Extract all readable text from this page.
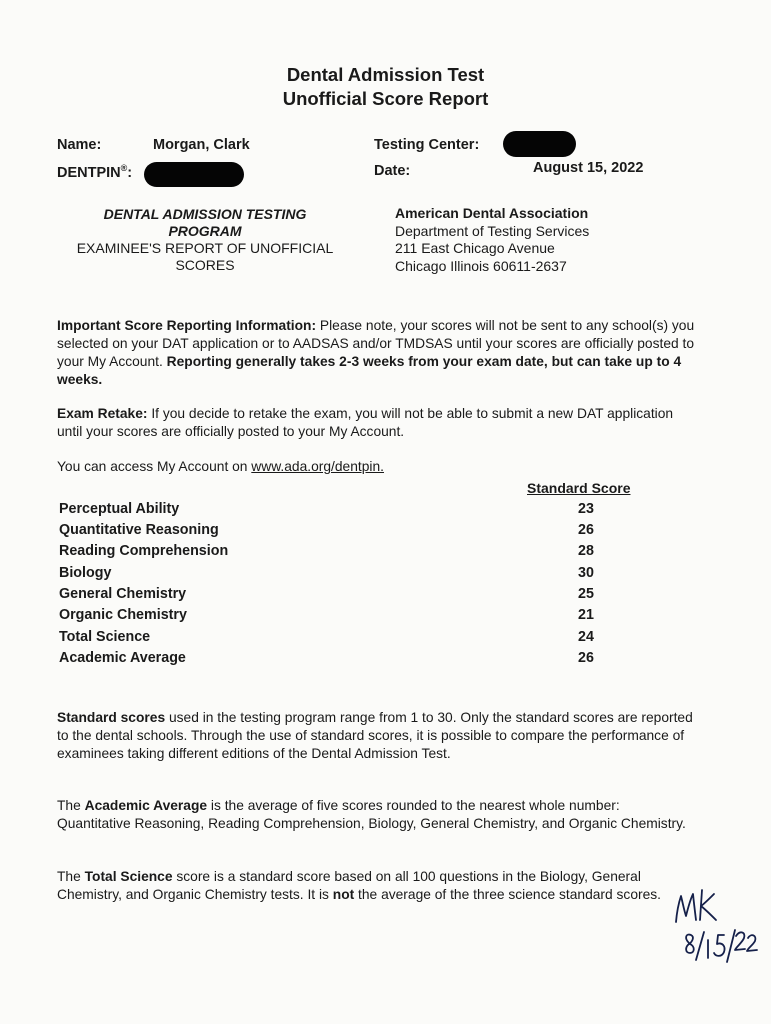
Dental Admission Test
Unofficial Score Report
Name:	Morgan, Clark
DENTPIN®:
Testing Center:
Date:	August 15, 2022
DENTAL ADMISSION TESTING
PROGRAM
EXAMINEE'S REPORT OF UNOFFICIAL
SCORES
American Dental Association
Department of Testing Services
211 East Chicago Avenue
Chicago Illinois 60611-2637
Important Score Reporting Information: Please note, your scores will not be sent to any school(s) you selected on your DAT application or to AADSAS and/or TMDSAS until your scores are officially posted to your My Account. Reporting generally takes 2-3 weeks from your exam date, but can take up to 4 weeks.
Exam Retake: If you decide to retake the exam, you will not be able to submit a new DAT application until your scores are officially posted to your My Account.
You can access My Account on www.ada.org/dentpin.
Standard Score
Perceptual Ability	23
Quantitative Reasoning	26
Reading Comprehension	28
Biology	30
General Chemistry	25
Organic Chemistry	21
Total Science	24
Academic Average	26
Standard scores used in the testing program range from 1 to 30. Only the standard scores are reported to the dental schools. Through the use of standard scores, it is possible to compare the performance of examinees taking different editions of the Dental Admission Test.
The Academic Average is the average of five scores rounded to the nearest whole number: Quantitative Reasoning, Reading Comprehension, Biology, General Chemistry, and Organic Chemistry.
The Total Science score is a standard score based on all 100 questions in the Biology, General Chemistry, and Organic Chemistry tests. It is not the average of the three science standard scores.
